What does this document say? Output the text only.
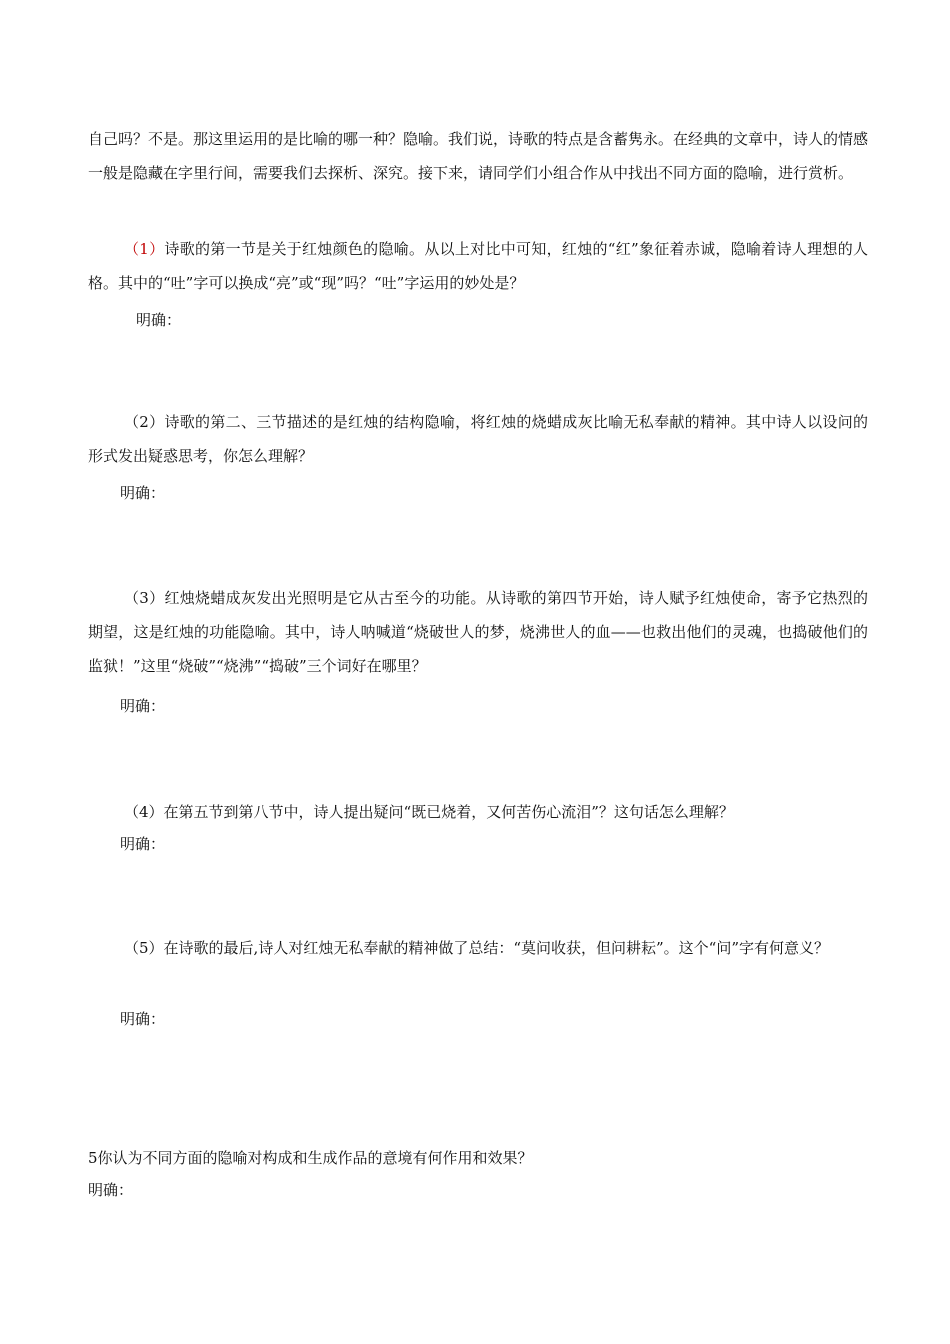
自己吗？不是。那这里运用的是比喻的哪一种？隐喻。我们说，诗歌的特点是含蓄隽永。在经典的文章中，诗人的情感一般是隐藏在字里行间，需要我们去探析、深究。接下来，请同学们小组合作从中找出不同方面的隐喻，进行赏析。

（1）诗歌的第一节是关于红烛颜色的隐喻。从以上对比中可知，红烛的“红”象征着赤诚，隐喻着诗人理想的人格。其中的“吐”字可以换成“亮”或“现”吗？“吐”字运用的妙处是？

明确：

（2）诗歌的第二、三节描述的是红烛的结构隐喻，将红烛的烧蜡成灰比喻无私奉献的精神。其中诗人以设问的形式发出疑惑思考，你怎么理解？

明确：

（3）红烛烧蜡成灰发出光照明是它从古至今的功能。从诗歌的第四节开始，诗人赋予红烛使命，寄予它热烈的期望，这是红烛的功能隐喻。其中，诗人呐喊道“烧破世人的梦，烧沸世人的血——也救出他们的灵魂，也捣破他们的监狱！”这里“烧破”“烧沸”“捣破”三个词好在哪里？

明确：

（4）在第五节到第八节中，诗人提出疑问“既已烧着，又何苦伤心流泪”？这句话怎么理解？

明确：

（5）在诗歌的最后,诗人对红烛无私奉献的精神做了总结：“莫问收获，但问耕耘”。这个“问”字有何意义？

明确：

5你认为不同方面的隐喻对构成和生成作品的意境有何作用和效果？

明确：
